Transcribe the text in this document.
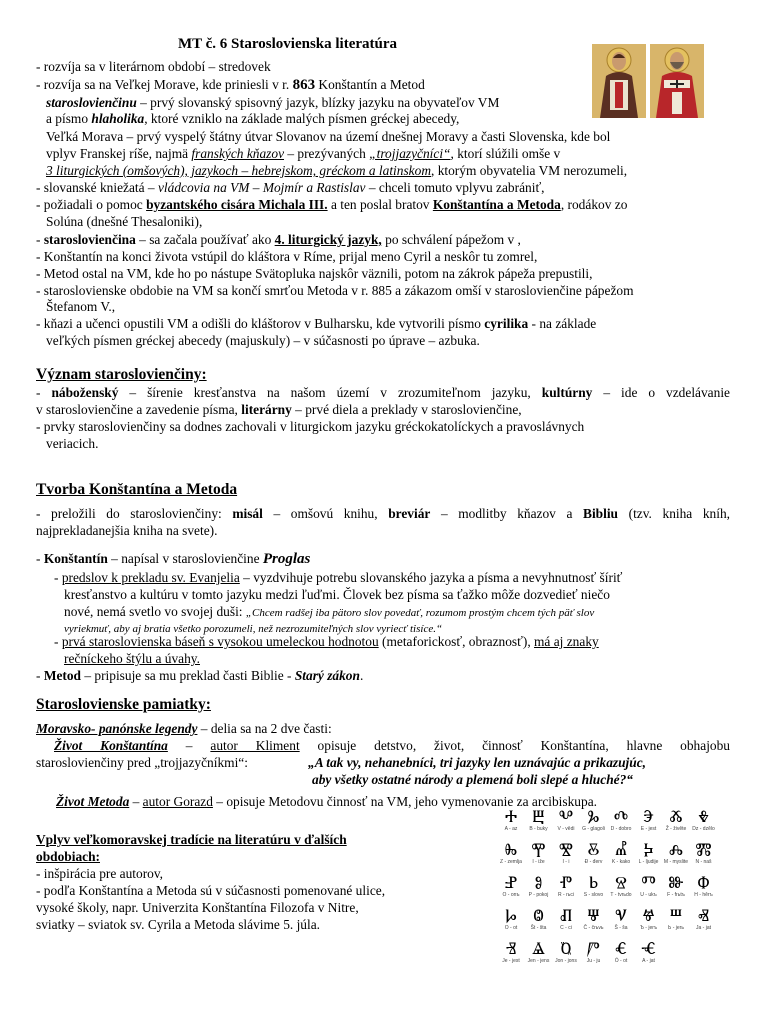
MT č. 6 Staroslovienska literatúra
- rozvíja sa v literárnom období – stredovek
- rozvíja sa na Veľkej Morave, kde priniesli v r. 863 Konštantín a Metod
staroslovienčinu – prvý slovanský spisovný jazyk, blízky jazyku na obyvateľov VM
a písmo hlaholika, ktoré vzniklo na základe malých písmen gréckej abecedy,
Veľká Morava – prvý vyspelý štátny útvar Slovanov na území dnešnej Moravy a časti Slovenska, kde bol
vplyv Franskej ríše, najmä franských kňazov – prezývaných „trojjazyčníci“, ktorí slúžili omše v
3 liturgických (omšových), jazykoch – hebrejskom, gréckom a latinskom, ktorým obyvatelia VM nerozumeli,
- slovanské kniežatá – vládcovia na VM – Mojmír a Rastislav – chceli tomuto vplyvu zabrániť,
- požiadali o pomoc byzantského cisára Michala III. a ten poslal bratov Konštantína a Metoda, rodákov zo
Solúna (dnešné Thesaloniki),
- staroslovienčina – sa začala používať ako 4. liturgický jazyk, po schválení pápežom v ,
- Konštantín na konci života vstúpil do kláštora v Ríme, prijal meno Cyril a neskôr tu zomrel,
- Metod ostal na VM, kde ho po nástupe Svätopluka najskôr väznili, potom na zákrok pápeža prepustili,
- staroslovienske obdobie na VM sa končí smrťou Metoda v r. 885 a zákazom omší v staroslovienčine pápežom
Štefanom V.,
- kňazi a učenci opustili VM a odišli do kláštorov v Bulharsku, kde vytvorili písmo cyrilika - na základe
veľkých písmen gréckej abecedy (majuskuly) – v súčasnosti po úprave – azbuka.
Význam staroslovienčiny:
- náboženský – šírenie kresťanstva na našom území v zrozumiteľnom jazyku, kultúrny – ide o vzdelávanie
v staroslovienčine a zavedenie písma, literárny – prvé diela a preklady v staroslovienčine,
- prvky staroslovienčiny sa dodnes zachovali v liturgickom jazyku gréckokatolíckych a pravoslávnych
veriacich.
Tvorba Konštantína a Metoda
- preložili do staroslovienčiny: misál – omšovú knihu, breviár – modlitby kňazov a Bibliu (tzv. kniha kníh,
najprekladanejšia kniha na svete).
- Konštantín – napísal v staroslovienčine Proglas
- predslov k prekladu sv. Evanjelia – vyzdvihuje potrebu slovanského jazyka a písma a nevyhnutnosť šíriť
kresťanstvo a kultúru v tomto jazyku medzi ľuďmi. Človek bez písma sa ťažko môže dozvedieť niečo
nové, nemá svetlo vo svojej duši: „Chcem radšej iba pätoro slov povedať, rozumom prostým chcem tých päť slov
vyriekmuť, aby aj bratia všetko porozumeli, než nezrozumiteľných slov vyriecť tisíce.“
- prvá staroslovienska báseň s vysokou umeleckou hodnotou (metaforickosť, obraznosť), má aj znaky
rečníckeho štýlu a úvahy.
- Metod – pripisuje sa mu preklad časti Biblie - Starý zákon.
Staroslovienske pamiatky:
Moravsko- panónske legendy – delia sa na 2 dve časti:
Život Konštantína – autor Kliment opisuje detstvo, život, činnosť Konštantína, hlavne obhajobu
staroslovienčiny pred „trojjazyčníkmi“:	„A tak vy, nehanebníci, tri jazyky len uznávajúc a prikazujúc,
aby všetky ostatné národy a plemená boli slepé a hluché?“
Život Metoda – autor Gorazd – opisuje Metodovu činnosť na VM, jeho vymenovanie za arcibiskupa.
Vplyv veľkomoravskej tradície na literatúru v ďalších
obdobiach:
- inšpirácia pre autorov,
- podľa Konštantína a Metoda sú v súčasnosti pomenované ulice,
vysoké školy, napr. Univerzita Konštantína Filozofa v Nitre,
sviatky – sviatok sv. Cyrila a Metoda slávime 5. júla.
Ⰰ
A - az
Ⰱ
B - buky
Ⰲ
V - vědi
Ⰳ
G - glagoli
Ⰴ
D - dobro
Ⰵ
E - jest
Ⰶ
Ž - živěte
Ⰷ
Dz - dzělo
Ⰸ
Z - zemlja
Ⰹ
I - iže
Ⰺ
I - i
Ⰻ
Đ - đerv
Ⰼ
K - kako
Ⰽ
L - ljudije
Ⰾ
M - myslite
Ⰿ
N - naš
Ⱀ
O - onъ
Ⱁ
P - pokoj
Ⱂ
R - rьci
Ⱃ
S - slovo
Ⱄ
T - tvrьdo
Ⱅ
U - ukъ
Ⱆ
F - frьtъ
Ⱇ
H - hěrъ
Ⱈ
O - ot
Ⱉ
Št - šta
Ⱊ
C - ci
Ⱋ
Č - črьvь
Ⱌ
Š - ša
Ⱍ
Ъ - jerъ
Ⱎ
Ь - jerь
Ⱏ
Ja - jat
Ⱐ
Je - jest
Ⱑ
Jen - jens
Ⱒ
Jon - jons
Ⱓ
Ju - ju
Ⱔ
Ō - ot
Ⱕ
A - jat
